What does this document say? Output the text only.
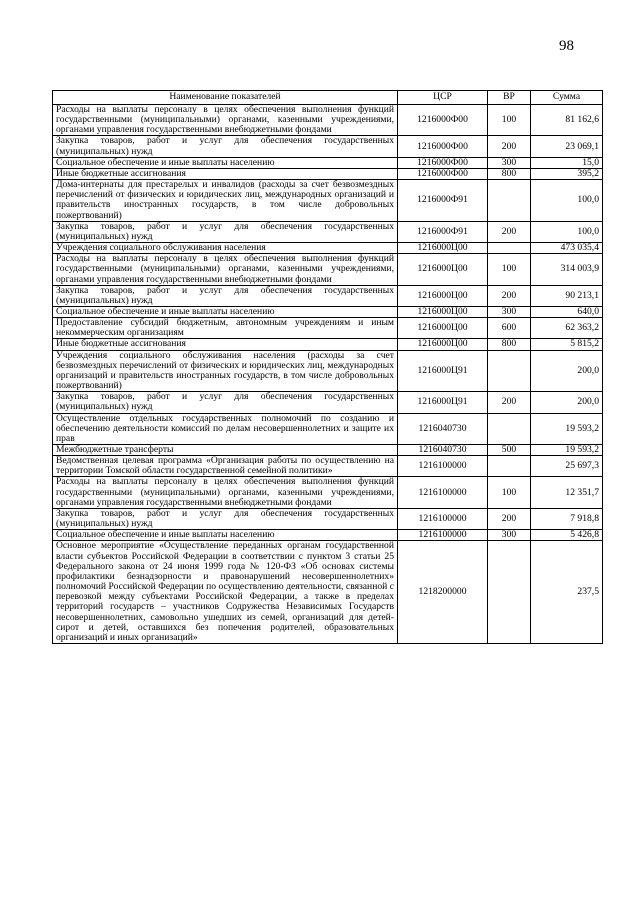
98
Наименование показателей	ЦСР	ВР	Сумма
Расходы на выплаты персоналу в целях обеспечения выполнения функций государственными (муниципальными) органами, казенными учреждениями, органами управления государственными внебюджетными фондами	1216000Ф00	100	81 162,6
Закупка товаров, работ и услуг для обеспечения государственных (муниципальных) нужд	1216000Ф00	200	23 069,1
Социальное обеспечение и иные выплаты населению	1216000Ф00	300	15,0
Иные бюджетные ассигнования	1216000Ф00	800	395,2
Дома-интернаты для престарелых и инвалидов (расходы за счет безвозмездных перечислений от физических и юридических лиц, международных организаций и правительств иностранных государств, в том числе добровольных пожертвований)	1216000Ф91		100,0
Закупка товаров, работ и услуг для обеспечения государственных (муниципальных) нужд	1216000Ф91	200	100,0
Учреждения социального обслуживания населения	1216000Ц00		473 035,4
Расходы на выплаты персоналу в целях обеспечения выполнения функций государственными (муниципальными) органами, казенными учреждениями, органами управления государственными внебюджетными фондами	1216000Ц00	100	314 003,9
Закупка товаров, работ и услуг для обеспечения государственных (муниципальных) нужд	1216000Ц00	200	90 213,1
Социальное обеспечение и иные выплаты населению	1216000Ц00	300	640,0
Предоставление субсидий бюджетным, автономным учреждениям и иным некоммерческим организациям	1216000Ц00	600	62 363,2
Иные бюджетные ассигнования	1216000Ц00	800	5 815,2
Учреждения социального обслуживания населения (расходы за счет безвозмездных перечислений от физических и юридических лиц, международных организаций и правительств иностранных государств, в том числе добровольных пожертвований)	1216000Ц91		200,0
Закупка товаров, работ и услуг для обеспечения государственных (муниципальных) нужд	1216000Ц91	200	200,0
Осуществление отдельных государственных полномочий по созданию и обеспечению деятельности комиссий по делам несовершеннолетних и защите их прав	1216040730		19 593,2
Межбюджетные трансферты	1216040730	500	19 593,2
Ведомственная целевая программа «Организация работы по осуществлению на территории Томской области государственной семейной политики»	1216100000		25 697,3
Расходы на выплаты персоналу в целях обеспечения выполнения функций государственными (муниципальными) органами, казенными учреждениями, органами управления государственными внебюджетными фондами	1216100000	100	12 351,7
Закупка товаров, работ и услуг для обеспечения государственных (муниципальных) нужд	1216100000	200	7 918,8
Социальное обеспечение и иные выплаты населению	1216100000	300	5 426,8
Основное мероприятие «Осуществление переданных органам государственной власти субъектов Российской Федерации в соответствии с пунктом 3 статьи 25 Федерального закона от 24 июня 1999 года № 120-ФЗ «Об основах системы профилактики безнадзорности и правонарушений несовершеннолетних» полномочий Российской Федерации по осуществлению деятельности, связанной с перевозкой между субъектами Российской Федерации, а также в пределах территорий государств – участников Содружества Независимых Государств несовершеннолетних, самовольно ушедших из семей, организаций для детей-сирот и детей, оставшихся без попечения родителей, образовательных организаций и иных организаций»	1218200000		237,5
